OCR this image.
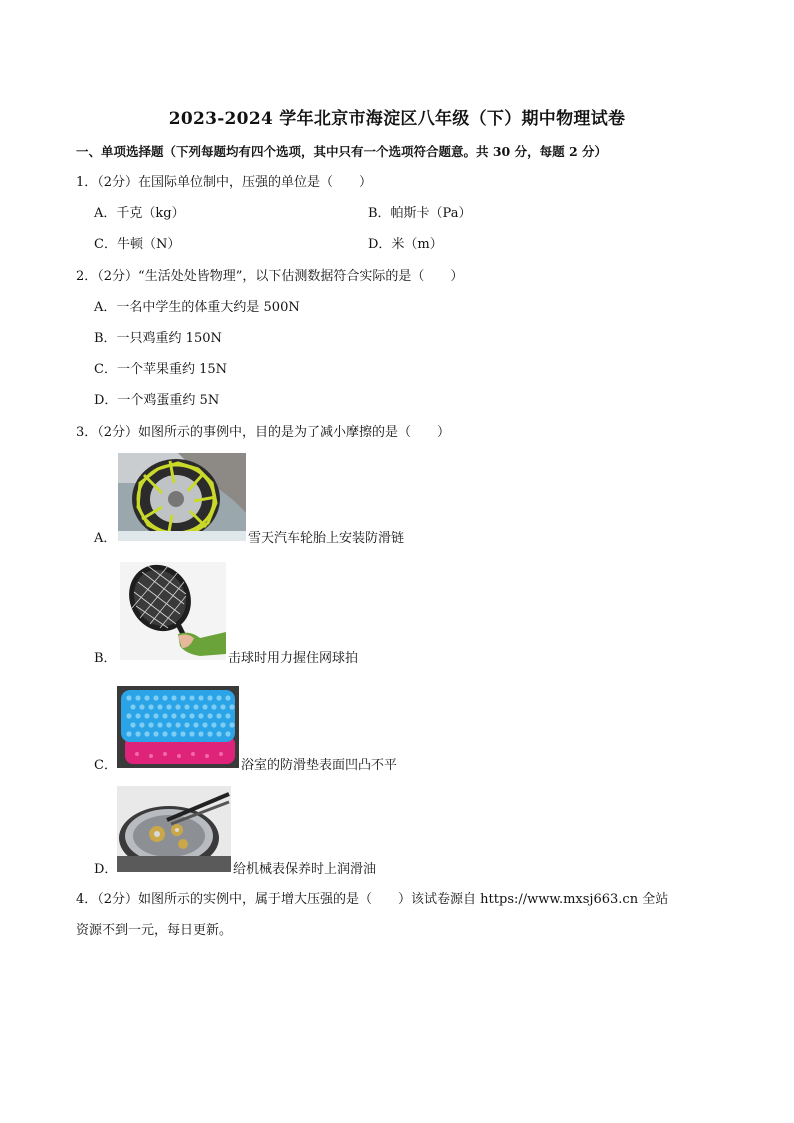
2023-2024 学年北京市海淀区八年级（下）期中物理试卷
一、单项选择题（下列每题均有四个选项，其中只有一个选项符合题意。共 30 分，每题 2 分）
1．（2分）在国际单位制中，压强的单位是（　　）
A．千克（kg）	B．帕斯卡（Pa）
C．牛顿（N）	D．米（m）
2．（2分）“生活处处皆物理”，以下估测数据符合实际的是（　　）
A．一名中学生的体重大约是 500N
B．一只鸡重约 150N
C．一个苹果重约 15N
D．一个鸡蛋重约 5N
3．（2分）如图所示的事例中，目的是为了减小摩擦的是（　　）
A．	雪天汽车轮胎上安装防滑链
B．	击球时用力握住网球拍
C．	浴室的防滑垫表面凹凸不平
D．	给机械表保养时上润滑油
4．（2分）如图所示的实例中，属于增大压强的是（　　）该试卷源自 https://www.mxsj663.cn 全站
资源不到一元，每日更新。
